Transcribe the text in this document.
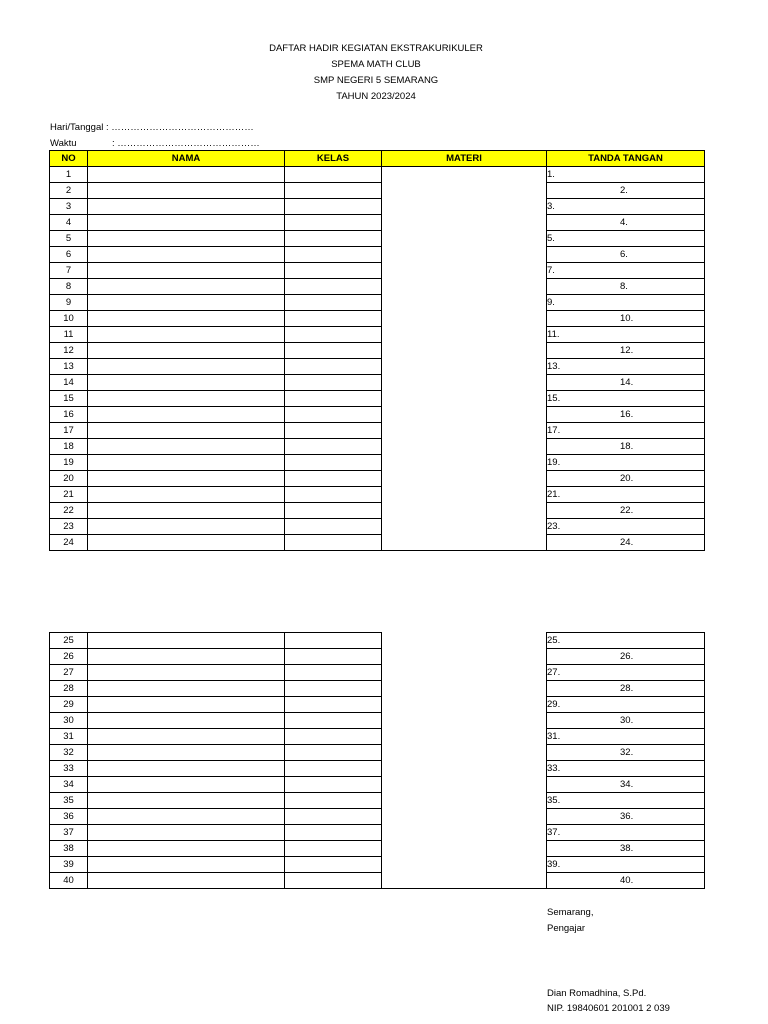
DAFTAR HADIR KEGIATAN EKSTRAKURIKULER
SPEMA MATH CLUB
SMP NEGERI 5 SEMARANG
TAHUN 2023/2024
Hari/Tanggal : ………………………………………
Waktu	: ………………………………………
NO	NAMA	KELAS	MATERI	TANDA TANGAN
1				1.
2				2.
3				3.
4				4.
5				5.
6				6.
7				7.
8				8.
9				9.
10				10.
11				11.
12				12.
13				13.
14				14.
15				15.
16				16.
17				17.
18				18.
19				19.
20				20.
21				21.
22				22.
23				23.
24				24.
25				25.
26				26.
27				27.
28				28.
29				29.
30				30.
31				31.
32				32.
33				33.
34				34.
35				35.
36				36.
37				37.
38				38.
39				39.
40				40.
Semarang,
Pengajar
Dian Romadhina, S.Pd.
NIP. 19840601 201001 2 039
